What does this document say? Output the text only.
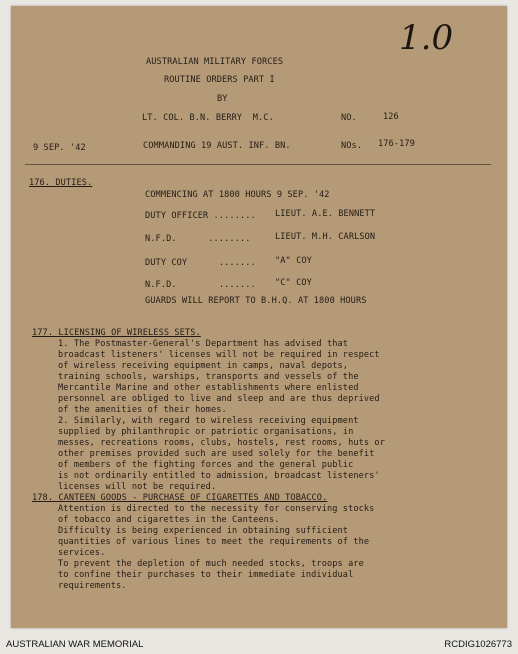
1.0
AUSTRALIAN MILITARY FORCES
ROUTINE ORDERS PART I
BY
LT. COL. B.N. BERRY  M.C.	NO.	126
9 SEP. '42	COMMANDING 19 AUST. INF. BN.	NOs. 176-179
176. DUTIES.
COMMENCING AT 1800 HOURS 9 SEP. '42
DUTY OFFICER ........ LIEUT. A.E. BENNETT
N.F.D.      ........	LIEUT. M.H. CARLSON
DUTY COY      ....... "A" COY
N.F.D.        ....... "C" COY
GUARDS WILL REPORT TO B.H.Q. AT 1800 HOURS
177. LICENSING OF WIRELESS SETS.
1. The Postmaster-General's Department has advised that
broadcast listeners' licenses will not be required in respect
of wireless receiving equipment in camps, naval depots,
training schools, warships, transports and vessels of the
Mercantile Marine and other establishments where enlisted
personnel are obliged to live and sleep and are thus deprived
of the amenities of their homes.
2. Similarly, with regard to wireless receiving equipment
supplied by philanthropic or patriotic organisations, in
messes, recreations rooms, clubs, hostels, rest rooms, huts or
other premises provided such are used solely for the benefit
of members of the fighting forces and the general public
is not ordinarily entitled to admission, broadcast listeners'
licenses will not be required.
178. CANTEEN GOODS - PURCHASE OF CIGARETTES AND TOBACCO.
Attention is directed to the necessity for conserving stocks
of tobacco and cigarettes in the Canteens.
Difficulty is being experienced in obtaining sufficient
quantities of various lines to meet the requirements of the
services.
To prevent the depletion of much needed stocks, troops are
to confine their purchases to their immediate individual
requirements.
AUSTRALIAN WAR MEMORIAL	RCDIG1026773
